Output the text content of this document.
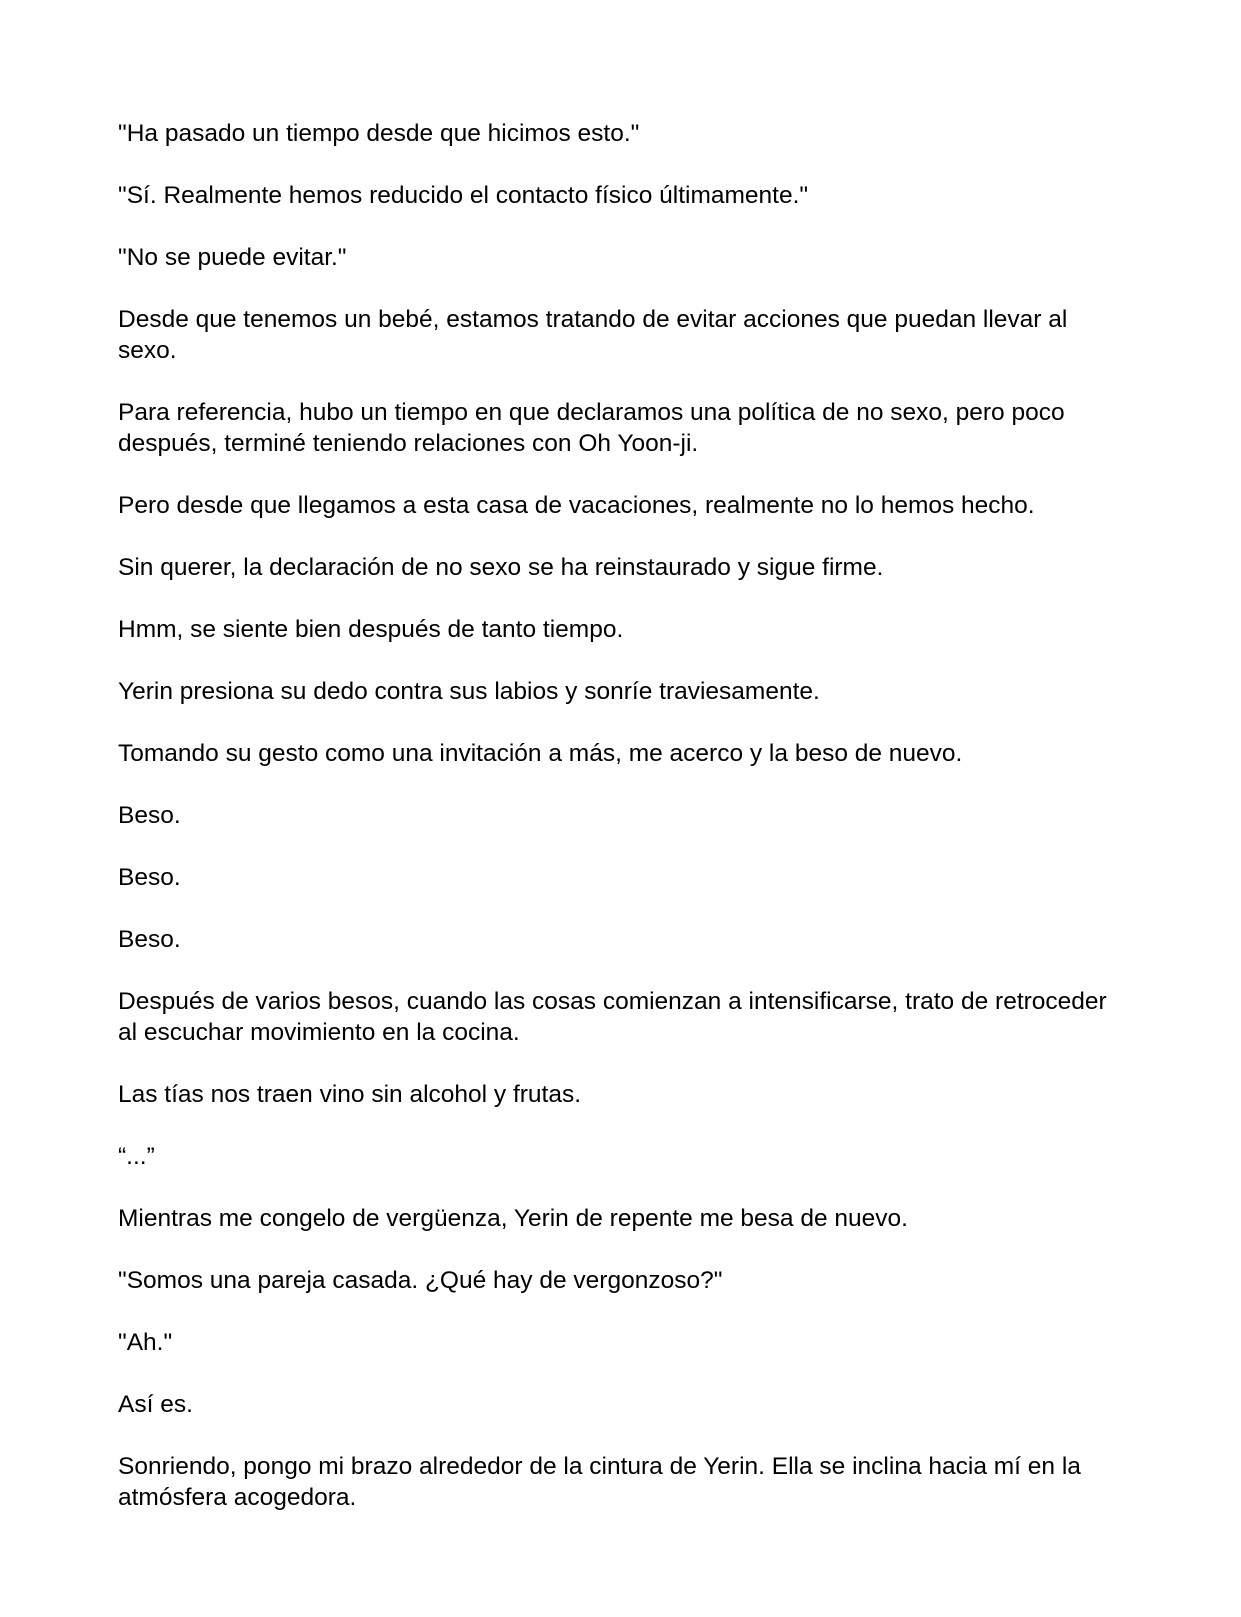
"Ha pasado un tiempo desde que hicimos esto."

"Sí. Realmente hemos reducido el contacto físico últimamente."

"No se puede evitar."

Desde que tenemos un bebé, estamos tratando de evitar acciones que puedan llevar al sexo.

Para referencia, hubo un tiempo en que declaramos una política de no sexo, pero poco después, terminé teniendo relaciones con Oh Yoon-ji.

Pero desde que llegamos a esta casa de vacaciones, realmente no lo hemos hecho.

Sin querer, la declaración de no sexo se ha reinstaurado y sigue firme.

Hmm, se siente bien después de tanto tiempo.

Yerin presiona su dedo contra sus labios y sonríe traviesamente.

Tomando su gesto como una invitación a más, me acerco y la beso de nuevo.

Beso.

Beso.

Beso.

Después de varios besos, cuando las cosas comienzan a intensificarse, trato de retroceder al escuchar movimiento en la cocina.

Las tías nos traen vino sin alcohol y frutas.

“...”

Mientras me congelo de vergüenza, Yerin de repente me besa de nuevo.

"Somos una pareja casada. ¿Qué hay de vergonzoso?"

"Ah."

Así es.

Sonriendo, pongo mi brazo alrededor de la cintura de Yerin. Ella se inclina hacia mí en la atmósfera acogedora.
